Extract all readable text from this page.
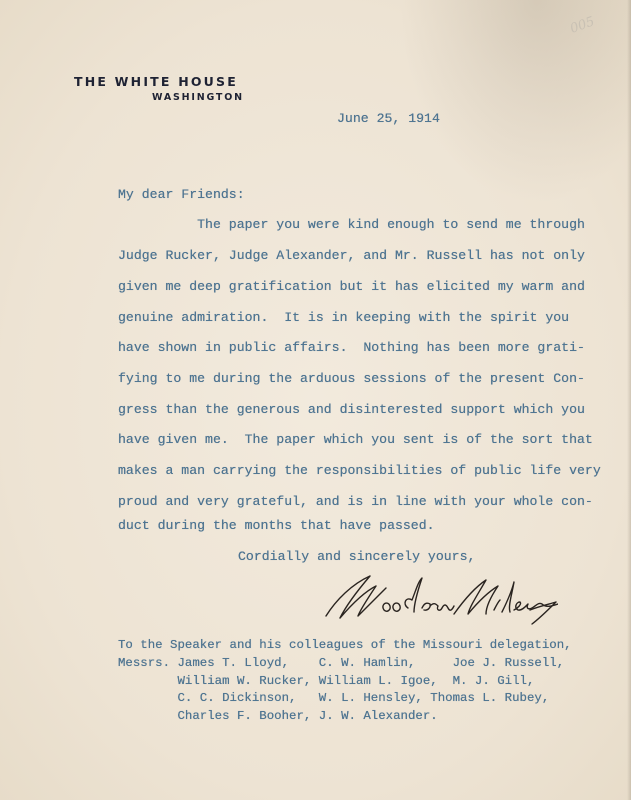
005
THE WHITE HOUSE
WASHINGTON
June 25, 1914
My dear Friends:
The paper you were kind enough to send me through
Judge Rucker, Judge Alexander, and Mr. Russell has not only
given me deep gratification but it has elicited my warm and
genuine admiration.  It is in keeping with the spirit you
have shown in public affairs.  Nothing has been more grati-
fying to me during the arduous sessions of the present Con-
gress than the generous and disinterested support which you
have given me.  The paper which you sent is of the sort that
makes a man carrying the responsibilities of public life very
proud and very grateful, and is in line with your whole con-
duct during the months that have passed.
Cordially and sincerely yours,
To the Speaker and his colleagues of the Missouri delegation,
Messrs. James T. Lloyd,    C. W. Hamlin,     Joe J. Russell,
William W. Rucker, William L. Igoe,  M. J. Gill,
C. C. Dickinson,   W. L. Hensley, Thomas L. Rubey,
Charles F. Booher, J. W. Alexander.
